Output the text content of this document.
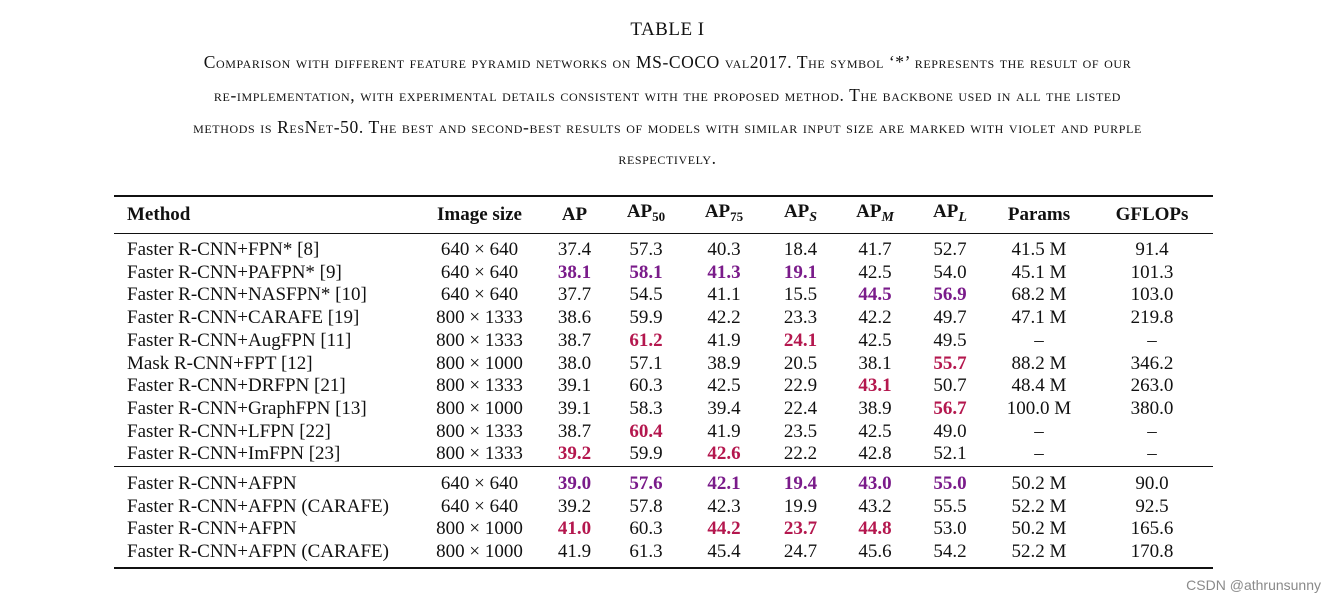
TABLE I
Comparison with different feature pyramid networks on MS-COCO val2017. The symbol ‘*’ represents the result of our
re-implementation, with experimental details consistent with the proposed method. The backbone used in all the listed
methods is ResNet-50. The best and second-best results of models with similar input size are marked with violet and purple
respectively.
Method	Image size	AP	$AP_{50}$	$AP_{75}$	$AP_S$	$AP_M$	$AP_L$	Params	GFLOPs
Faster R-CNN+FPN* [8]	640 × 640	37.4	57.3	40.3	18.4	41.7	52.7	41.5 M	91.4
Faster R-CNN+PAFPN* [9]	640 × 640	38.1	58.1	41.3	19.1	42.5	54.0	45.1 M	101.3
Faster R-CNN+NASFPN* [10]	640 × 640	37.7	54.5	41.1	15.5	44.5	56.9	68.2 M	103.0
Faster R-CNN+CARAFE [19]	800 × 1333	38.6	59.9	42.2	23.3	42.2	49.7	47.1 M	219.8
Faster R-CNN+AugFPN [11]	800 × 1333	38.7	61.2	41.9	24.1	42.5	49.5	–	–
Mask R-CNN+FPT [12]	800 × 1000	38.0	57.1	38.9	20.5	38.1	55.7	88.2 M	346.2
Faster R-CNN+DRFPN [21]	800 × 1333	39.1	60.3	42.5	22.9	43.1	50.7	48.4 M	263.0
Faster R-CNN+GraphFPN [13]	800 × 1000	39.1	58.3	39.4	22.4	38.9	56.7	100.0 M	380.0
Faster R-CNN+LFPN [22]	800 × 1333	38.7	60.4	41.9	23.5	42.5	49.0	–	–
Faster R-CNN+ImFPN [23]	800 × 1333	39.2	59.9	42.6	22.2	42.8	52.1	–	–
Faster R-CNN+AFPN	640 × 640	39.0	57.6	42.1	19.4	43.0	55.0	50.2 M	90.0
Faster R-CNN+AFPN (CARAFE)	640 × 640	39.2	57.8	42.3	19.9	43.2	55.5	52.2 M	92.5
Faster R-CNN+AFPN	800 × 1000	41.0	60.3	44.2	23.7	44.8	53.0	50.2 M	165.6
Faster R-CNN+AFPN (CARAFE)	800 × 1000	41.9	61.3	45.4	24.7	45.6	54.2	52.2 M	170.8
CSDN @athrunsunny
